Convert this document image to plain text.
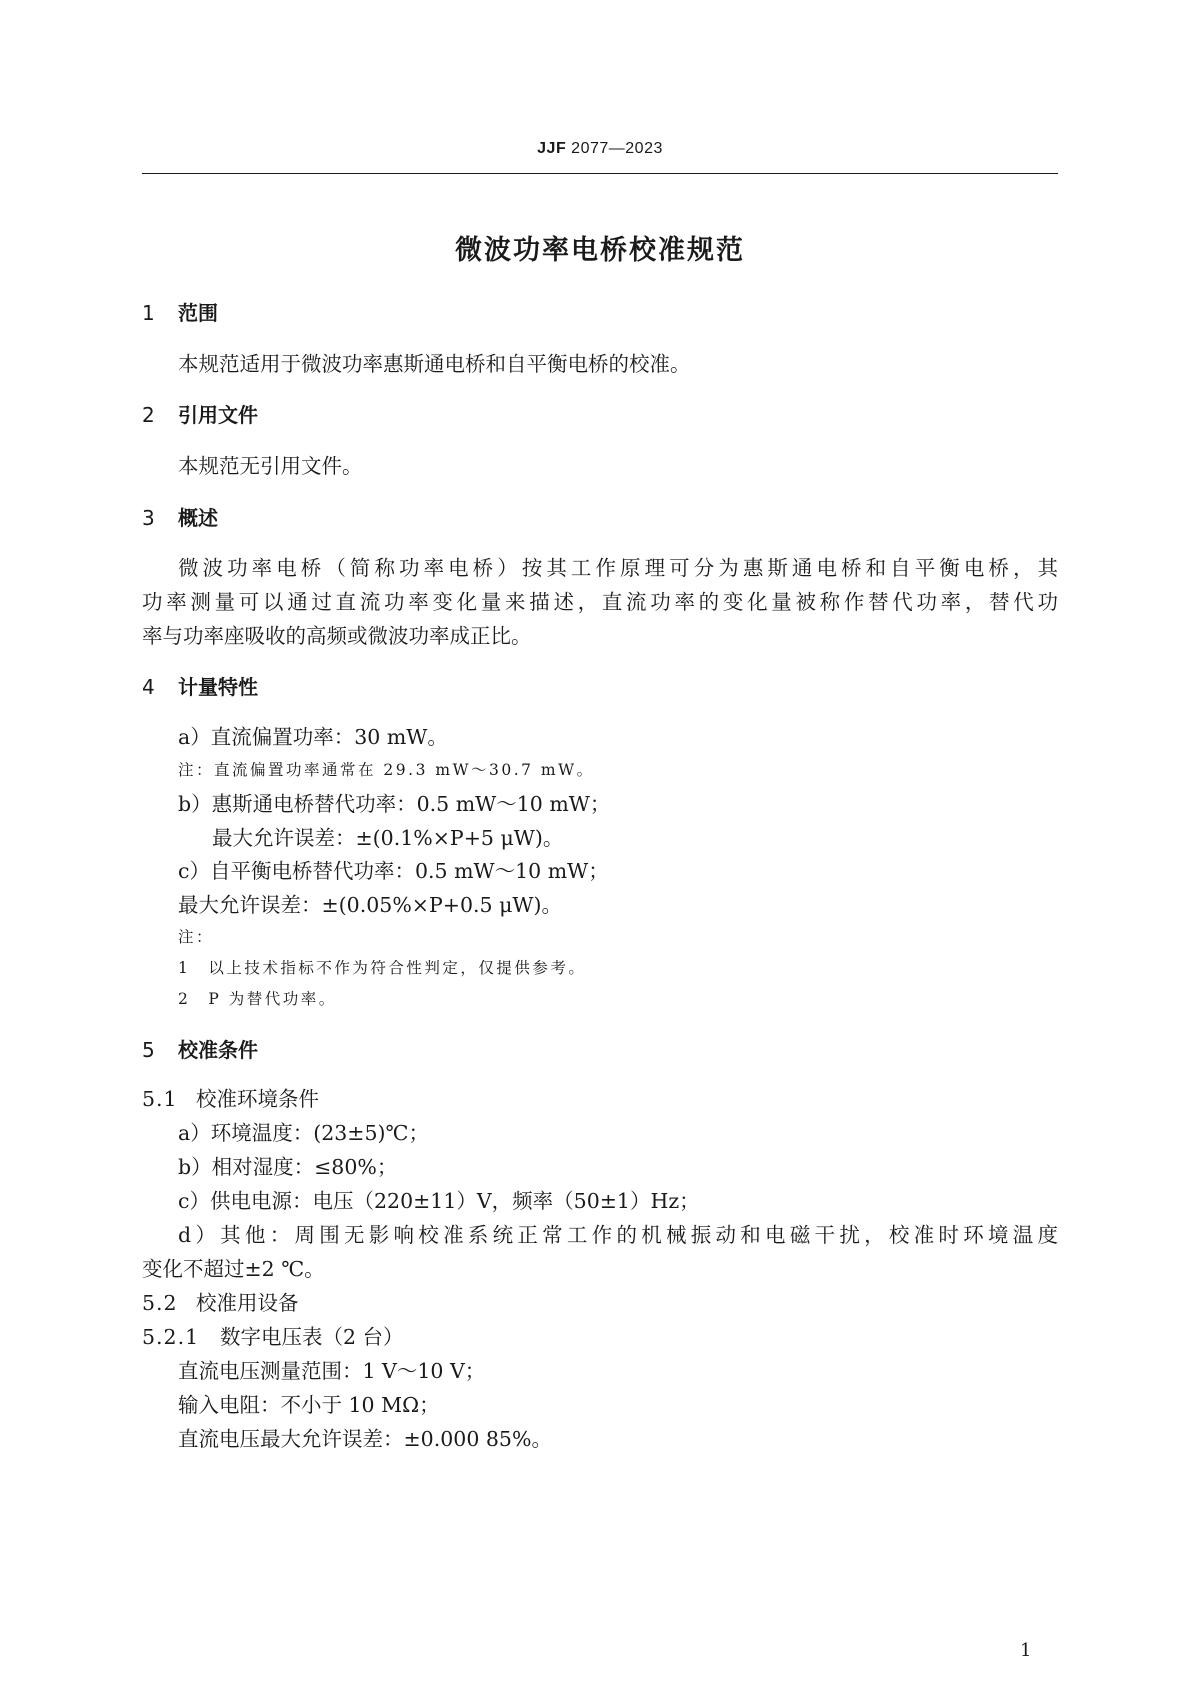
JJF 2077—2023
微波功率电桥校准规范
1 范围
本规范适用于微波功率惠斯通电桥和自平衡电桥的校准。
2 引用文件
本规范无引用文件。
3 概述
微波功率电桥（简称功率电桥）按其工作原理可分为惠斯通电桥和自平衡电桥，其
功率测量可以通过直流功率变化量来描述，直流功率的变化量被称作替代功率，替代功
率与功率座吸收的高频或微波功率成正比。
4 计量特性
a）直流偏置功率：30 mW。
注：直流偏置功率通常在 29.3 mW～30.7 mW。
b）惠斯通电桥替代功率：0.5 mW～10 mW；
最大允许误差：±(0.1%×P+5 μW)。
c）自平衡电桥替代功率：0.5 mW～10 mW；
最大允许误差：±(0.05%×P+0.5 μW)。
注：
1　以上技术指标不作为符合性判定，仅提供参考。
2　P 为替代功率。
5 校准条件
5.1 校准环境条件
a）环境温度：(23±5)℃；
b）相对湿度：≤80%；
c）供电电源：电压（220±11）V，频率（50±1）Hz；
d）其他：周围无影响校准系统正常工作的机械振动和电磁干扰，校准时环境温度
变化不超过±2 ℃。
5.2 校准用设备
5.2.1 数字电压表（2 台）
直流电压测量范围：1 V～10 V；
输入电阻：不小于 10 MΩ；
直流电压最大允许误差：±0.000 85%。
1
